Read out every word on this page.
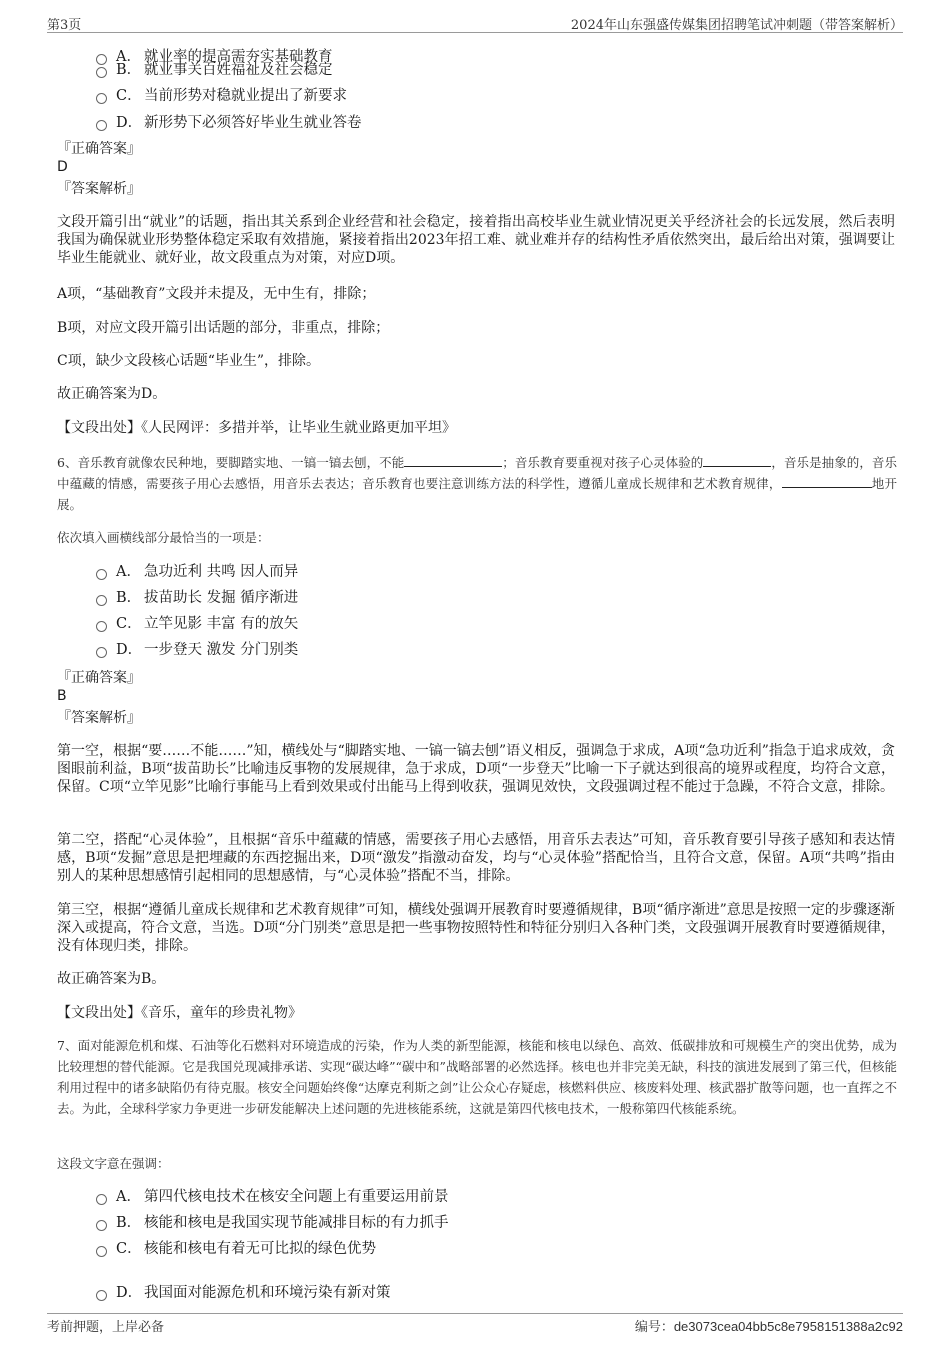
第3页	2024年山东强盛传媒集团招聘笔试冲刺题（带答案解析）
A． 就业率的提高需夯实基础教育
B． 就业事关百姓福祉及社会稳定
C． 当前形势对稳就业提出了新要求
D． 新形势下必须答好毕业生就业答卷
『正确答案』
D
『答案解析』
文段开篇引出“就业”的话题，指出其关系到企业经营和社会稳定，接着指出高校毕业生就业情况更关乎经济社会的长远发展，然后表明我国为确保就业形势整体稳定采取有效措施，紧接着指出2023年招工难、就业难并存的结构性矛盾依然突出，最后给出对策，强调要让毕业生能就业、就好业，故文段重点为对策，对应D项。
A项，“基础教育”文段并未提及，无中生有，排除；
B项，对应文段开篇引出话题的部分，非重点，排除；
C项，缺少文段核心话题“毕业生”，排除。
故正确答案为D。
【文段出处】《人民网评：多措并举，让毕业生就业路更加平坦》
6、音乐教育就像农民种地，要脚踏实地、一镐一镐去刨，不能	；音乐教育要重视对孩子心灵体验的	，音乐是抽象的，音乐中蕴藏的情感，需要孩子用心去感悟，用音乐去表达；音乐教育也要注意训练方法的科学性，遵循儿童成长规律和艺术教育规律，	地开展。
依次填入画横线部分最恰当的一项是：
A． 急功近利 共鸣 因人而异
B． 拔苗助长 发掘 循序渐进
C． 立竿见影 丰富 有的放矢
D． 一步登天 激发 分门别类
『正确答案』
B
『答案解析』
第一空，根据“要……不能……”知，横线处与“脚踏实地、一镐一镐去刨”语义相反，强调急于求成，A项“急功近利”指急于追求成效，贪图眼前利益，B项“拔苗助长”比喻违反事物的发展规律，急于求成，D项“一步登天”比喻一下子就达到很高的境界或程度，均符合文意，保留。C项“立竿见影”比喻行事能马上看到效果或付出能马上得到收获，强调见效快，文段强调过程不能过于急躁，不符合文意，排除。
第二空，搭配“心灵体验”，且根据“音乐中蕴藏的情感，需要孩子用心去感悟，用音乐去表达”可知，音乐教育要引导孩子感知和表达情感，B项“发掘”意思是把埋藏的东西挖掘出来，D项“激发”指激动奋发，均与“心灵体验”搭配恰当，且符合文意，保留。A项“共鸣”指由别人的某种思想感情引起相同的思想感情，与“心灵体验”搭配不当，排除。
第三空，根据“遵循儿童成长规律和艺术教育规律”可知，横线处强调开展教育时要遵循规律，B项“循序渐进”意思是按照一定的步骤逐渐深入或提高，符合文意，当选。D项“分门别类”意思是把一些事物按照特性和特征分别归入各种门类，文段强调开展教育时要遵循规律，没有体现归类，排除。
故正确答案为B。
【文段出处】《音乐，童年的珍贵礼物》
7、面对能源危机和煤、石油等化石燃料对环境造成的污染，作为人类的新型能源，核能和核电以绿色、高效、低碳排放和可规模生产的突出优势，成为比较理想的替代能源。它是我国兑现减排承诺、实现“碳达峰”“碳中和”战略部署的必然选择。核电也并非完美无缺，科技的演进发展到了第三代，但核能利用过程中的诸多缺陷仍有待克服。核安全问题始终像“达摩克利斯之剑”让公众心存疑虑，核燃料供应、核废料处理、核武器扩散等问题，也一直挥之不去。为此，全球科学家力争更进一步研发能解决上述问题的先进核能系统，这就是第四代核电技术，一般称第四代核能系统。
这段文字意在强调：
A． 第四代核电技术在核安全问题上有重要运用前景
B． 核能和核电是我国实现节能减排目标的有力抓手
C． 核能和核电有着无可比拟的绿色优势
D． 我国面对能源危机和环境污染有新对策
考前押题，上岸必备	编号：de3073cea04bb5c8e7958151388a2c92
